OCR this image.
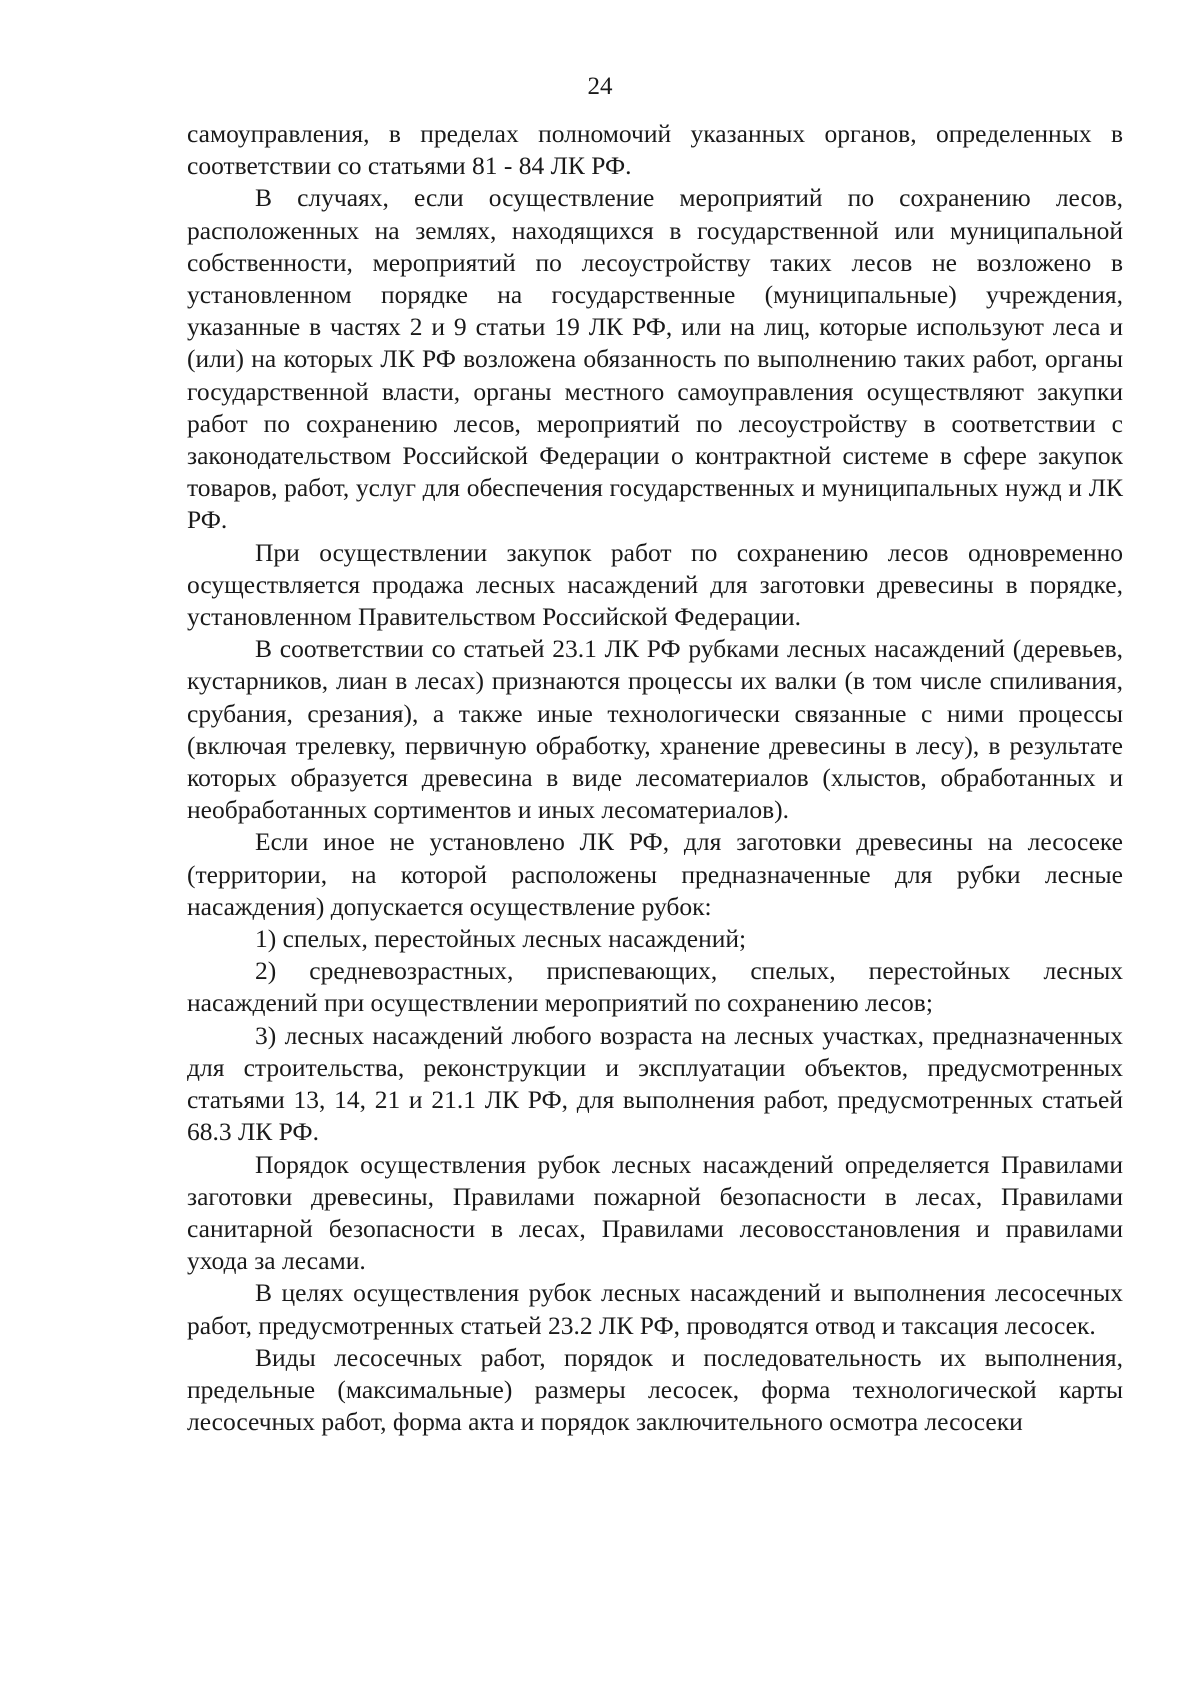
24

самоуправления, в пределах полномочий указанных органов, определенных в соответствии со статьями 81 - 84 ЛК РФ.

В случаях, если осуществление мероприятий по сохранению лесов, расположенных на землях, находящихся в государственной или муниципальной собственности, мероприятий по лесоустройству таких лесов не возложено в установленном порядке на государственные (муниципальные) учреждения, указанные в частях 2 и 9 статьи 19 ЛК РФ, или на лиц, которые используют леса и (или) на которых ЛК РФ возложена обязанность по выполнению таких работ, органы государственной власти, органы местного самоуправления осуществляют закупки работ по сохранению лесов, мероприятий по лесоустройству в соответствии с законодательством Российской Федерации о контрактной системе в сфере закупок товаров, работ, услуг для обеспечения государственных и муниципальных нужд и ЛК РФ.

При осуществлении закупок работ по сохранению лесов одновременно осуществляется продажа лесных насаждений для заготовки древесины в порядке, установленном Правительством Российской Федерации.

В соответствии со статьей 23.1 ЛК РФ рубками лесных насаждений (деревьев, кустарников, лиан в лесах) признаются процессы их валки (в том числе спиливания, срубания, срезания), а также иные технологически связанные с ними процессы (включая трелевку, первичную обработку, хранение древесины в лесу), в результате которых образуется древесина в виде лесоматериалов (хлыстов, обработанных и необработанных сортиментов и иных лесоматериалов).

Если иное не установлено ЛК РФ, для заготовки древесины на лесосеке (территории, на которой расположены предназначенные для рубки лесные насаждения) допускается осуществление рубок:

1) спелых, перестойных лесных насаждений;

2) средневозрастных, приспевающих, спелых, перестойных лесных насаждений при осуществлении мероприятий по сохранению лесов;

3) лесных насаждений любого возраста на лесных участках, предназначенных для строительства, реконструкции и эксплуатации объектов, предусмотренных статьями 13, 14, 21 и 21.1 ЛК РФ, для выполнения работ, предусмотренных статьей 68.3 ЛК РФ.

Порядок осуществления рубок лесных насаждений определяется Правилами заготовки древесины, Правилами пожарной безопасности в лесах, Правилами санитарной безопасности в лесах, Правилами лесовосстановления и правилами ухода за лесами.

В целях осуществления рубок лесных насаждений и выполнения лесосечных работ, предусмотренных статьей 23.2 ЛК РФ, проводятся отвод и таксация лесосек.

Виды лесосечных работ, порядок и последовательность их выполнения, предельные (максимальные) размеры лесосек, форма технологической карты лесосечных работ, форма акта и порядок заключительного осмотра лесосеки
